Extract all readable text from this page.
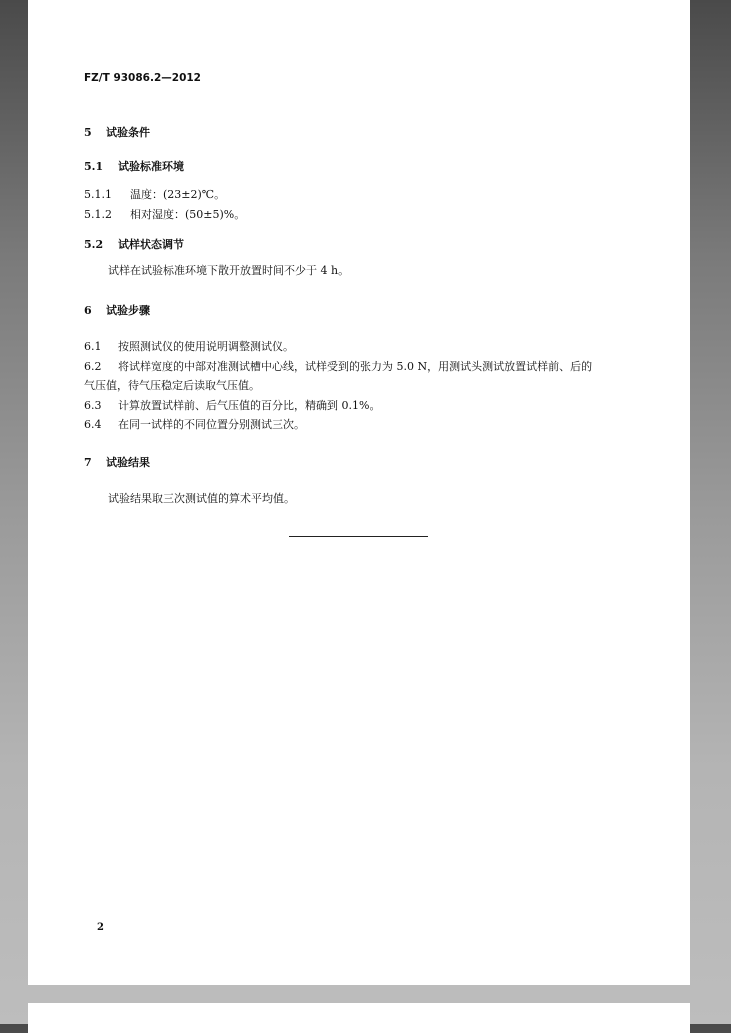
FZ/T 93086.2—2012
5 试验条件
5.1 试验标准环境
5.1.1 温度：(23±2)℃。
5.1.2 相对湿度：(50±5)%。
5.2 试样状态调节
试样在试验标准环境下散开放置时间不少于 4 h。
6 试验步骤
6.1 按照测试仪的使用说明调整测试仪。
6.2 将试样宽度的中部对准测试槽中心线，试样受到的张力为 5.0 N，用测试头测试放置试样前、后的
气压值，待气压稳定后读取气压值。
6.3 计算放置试样前、后气压值的百分比，精确到 0.1%。
6.4 在同一试样的不同位置分别测试三次。
7 试验结果
试验结果取三次测试值的算术平均值。
2
